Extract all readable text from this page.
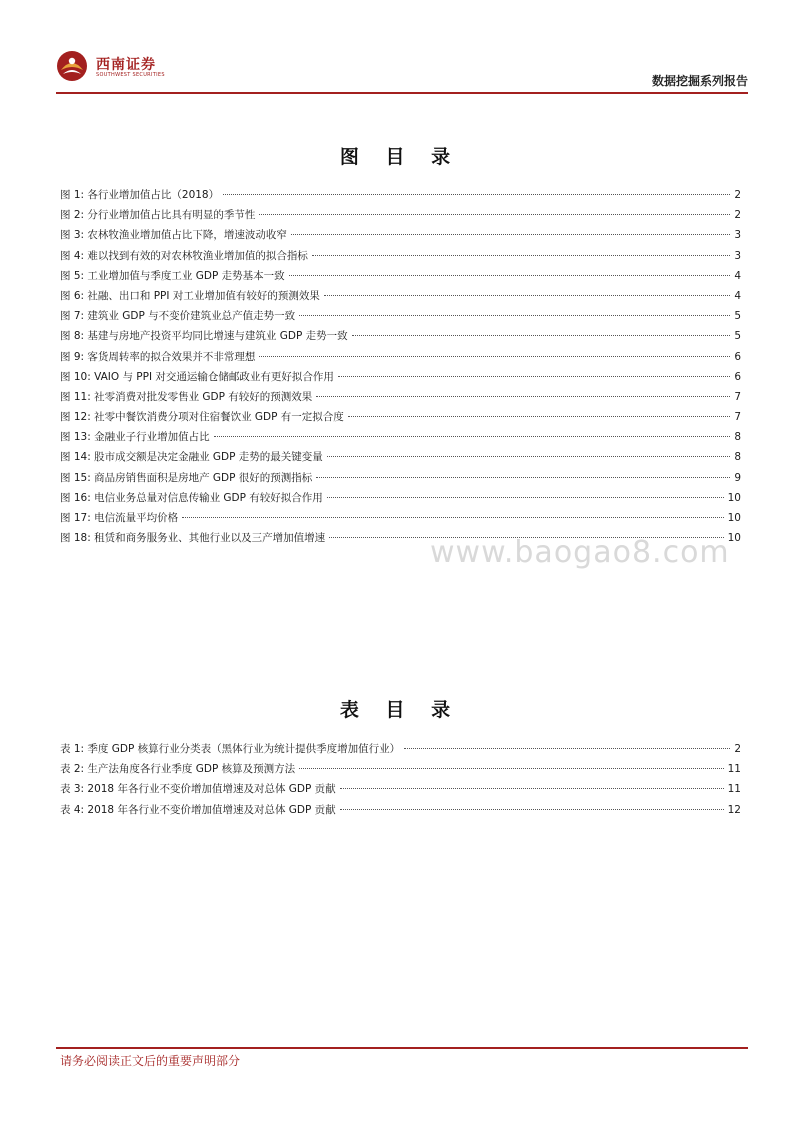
西南证券
SOUTHWEST SECURITIES	数据挖掘系列报告
图 目 录
图 1: 各行业增加值占比（2018）	2
图 2: 分行业增加值占比具有明显的季节性	2
图 3: 农林牧渔业增加值占比下降，增速波动收窄	3
图 4: 难以找到有效的对农林牧渔业增加值的拟合指标	3
图 5: 工业增加值与季度工业 GDP 走势基本一致	4
图 6: 社融、出口和 PPI 对工业增加值有较好的预测效果	4
图 7: 建筑业 GDP 与不变价建筑业总产值走势一致	5
图 8: 基建与房地产投资平均同比增速与建筑业 GDP 走势一致	5
图 9: 客货周转率的拟合效果并不非常理想	6
图 10: VAIO 与 PPI 对交通运输仓储邮政业有更好拟合作用	6
图 11: 社零消费对批发零售业 GDP 有较好的预测效果	7
图 12: 社零中餐饮消费分项对住宿餐饮业 GDP 有一定拟合度	7
图 13: 金融业子行业增加值占比	8
图 14: 股市成交额是决定金融业 GDP 走势的最关键变量	8
图 15: 商品房销售面积是房地产 GDP 很好的预测指标	9
图 16: 电信业务总量对信息传输业 GDP 有较好拟合作用	10
图 17: 电信流量平均价格	10
图 18: 租赁和商务服务业、其他行业以及三产增加值增速	10
www.baogao8.com
表 目 录
表 1: 季度 GDP 核算行业分类表（黑体行业为统计提供季度增加值行业）	2
表 2: 生产法角度各行业季度 GDP 核算及预测方法	11
表 3: 2018 年各行业不变价增加值增速及对总体 GDP 贡献	11
表 4: 2018 年各行业不变价增加值增速及对总体 GDP 贡献	12
请务必阅读正文后的重要声明部分
